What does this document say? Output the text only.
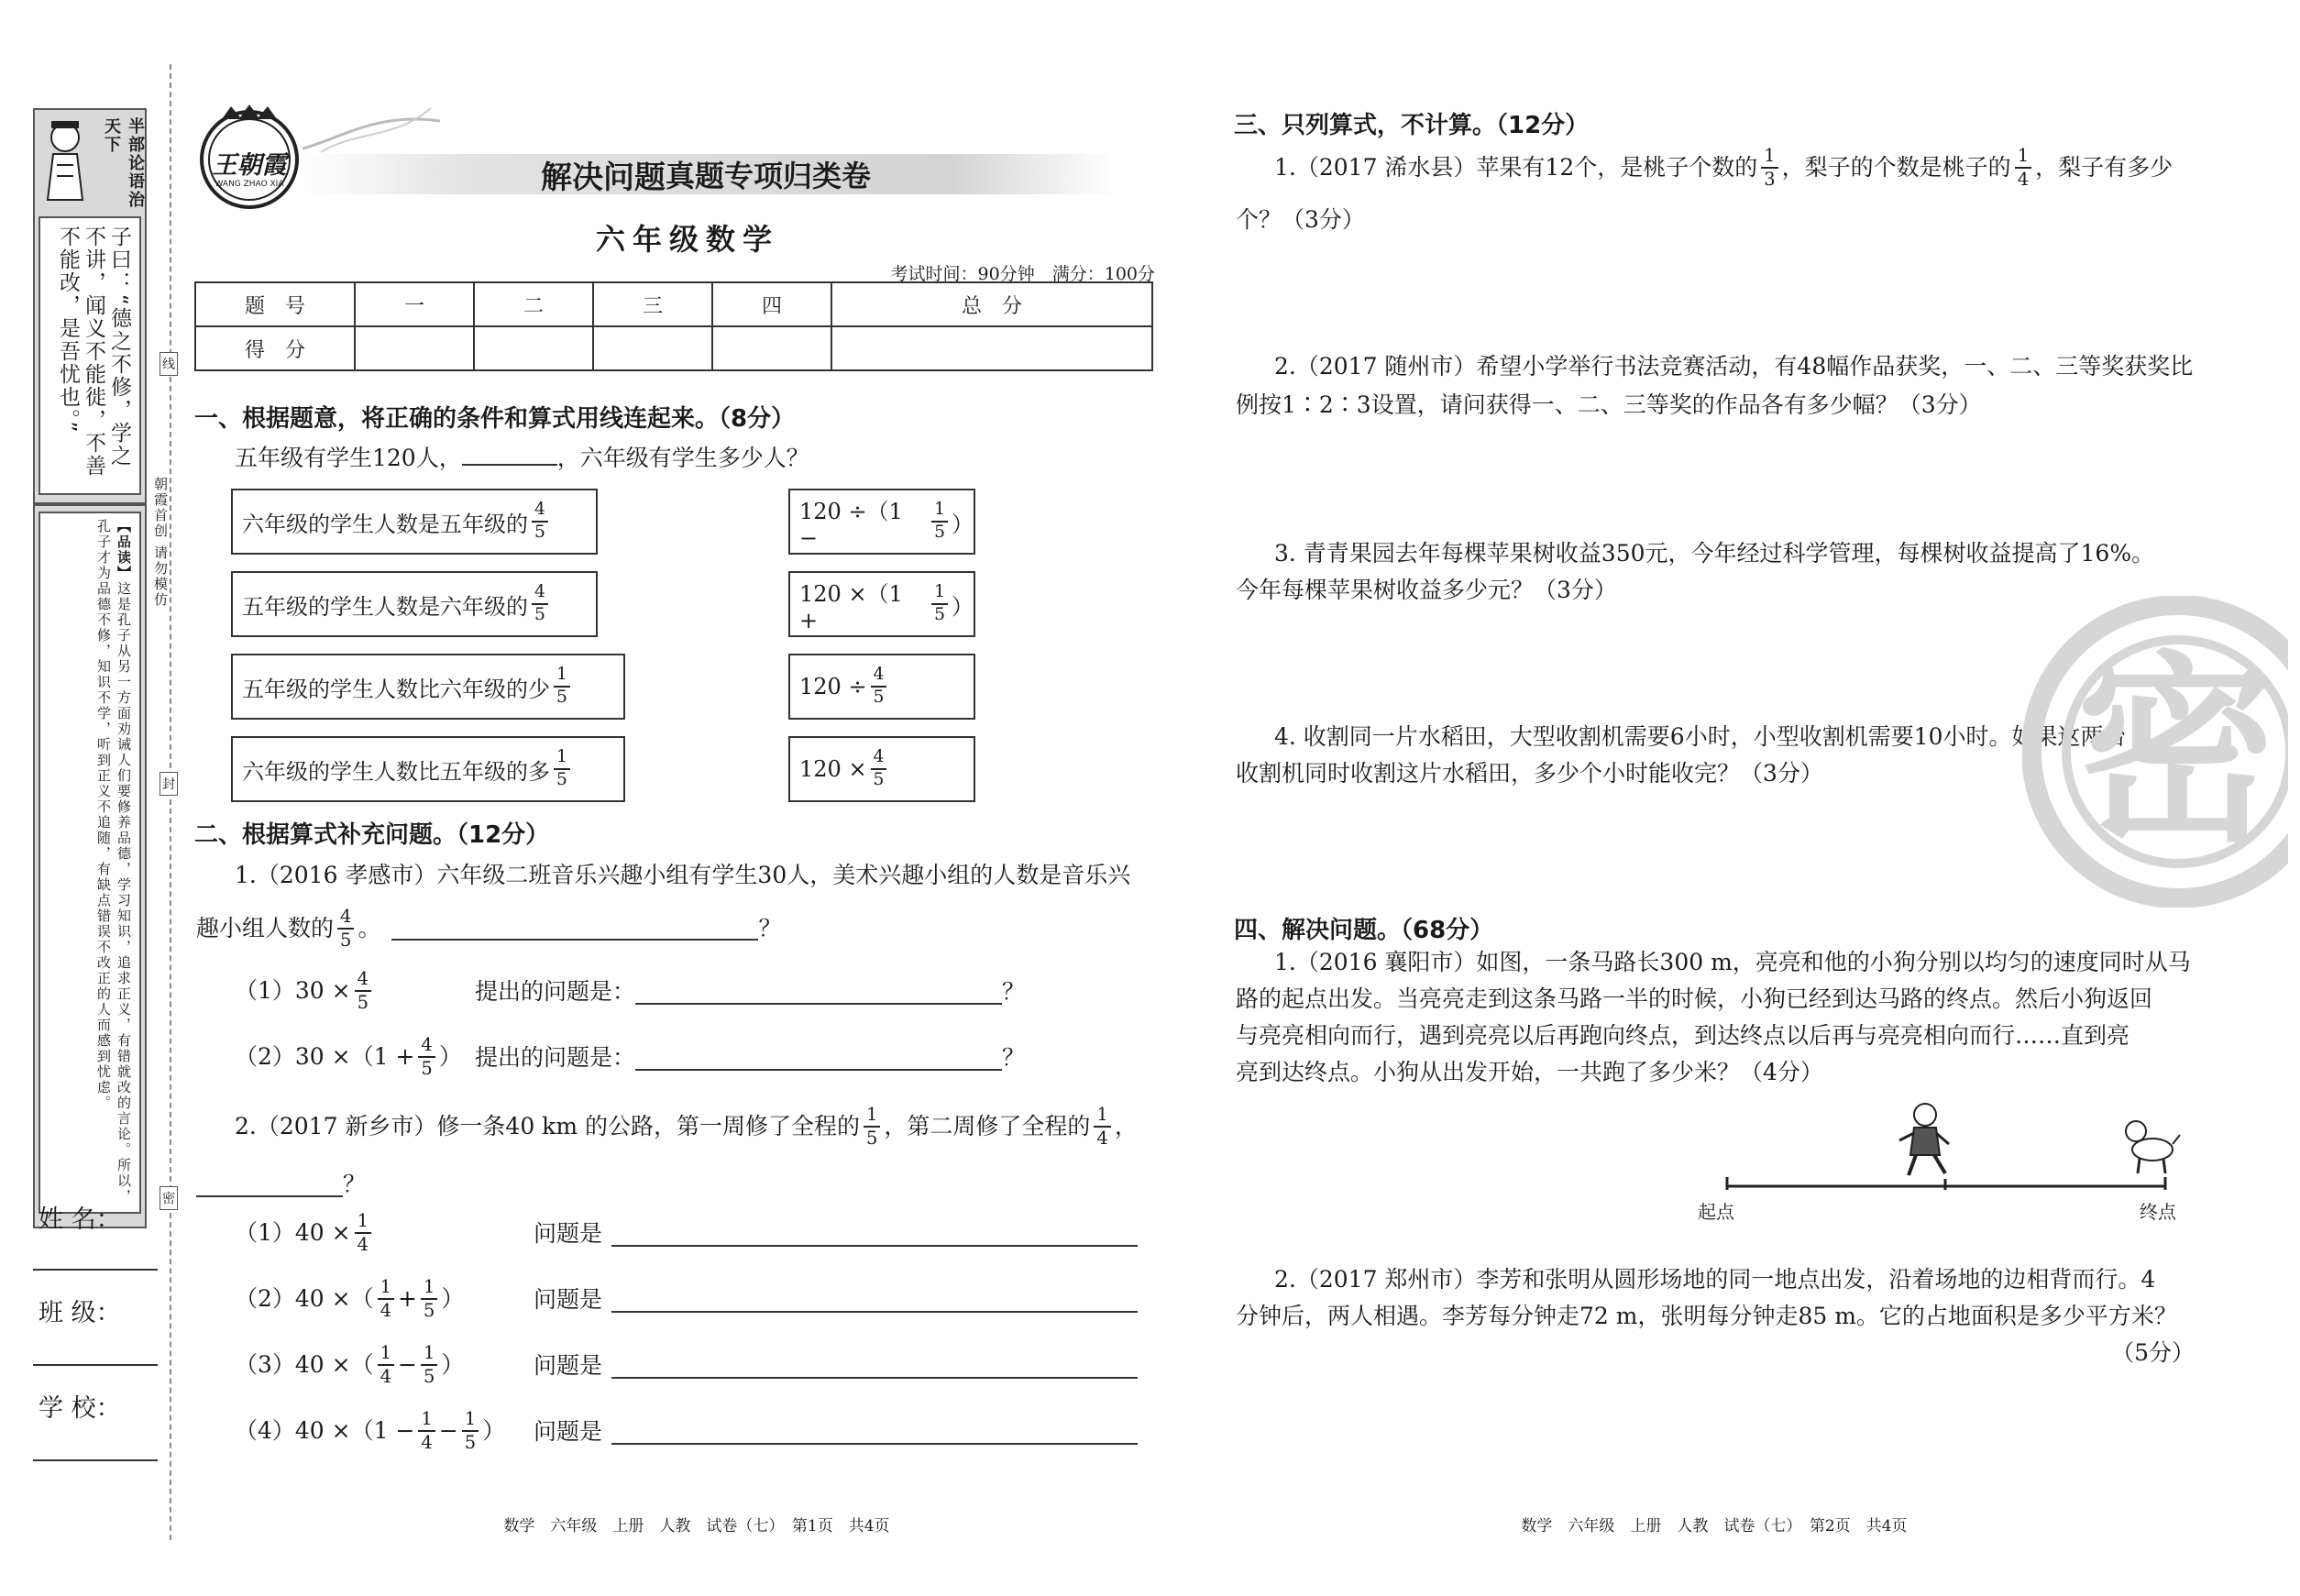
半部论语治天下
子曰：“德之不修，学之不讲，闻义不能徙，不善不能改，是吾忧也。”
【品读】这是孔子从另一方面劝诫人们要修养品德，学习知识，追求正义，有错就改的言论。所以，孔子才为品德不修，知识不学，听到正义不追随，有缺点错误不改正的人而感到忧虑。
线
封
密
朝霞首创 请勿模仿
姓 名：
班 级：
学 校：
王朝霞
WANG ZHAO XIA	解决问题 真题专项归类卷
六年级数学
考试时间：90分钟　满分：100分
题　号	一	二	三	四	总　分
得　分					
一、根据题意，将正确的条件和算式用线连起来。（8分）
五年级有学生120人，	，六年级有学生多少人？
六年级的学生人数是五年级的 $\frac{4}{5}$
五年级的学生人数是六年级的 $\frac{4}{5}$
五年级的学生人数比六年级的少 $\frac{1}{5}$
六年级的学生人数比五年级的多 $\frac{1}{5}$
120 ÷（1 −	$\frac{1}{5}$ ）
120 ×（1 +	$\frac{1}{5}$ ）
$120 \div \frac{4}{5}$
$120 \times \frac{4}{5}$
二、根据算式补充问题。（12分）
1.（2016 孝感市）六年级二班音乐兴趣小组有学生30人，美术兴趣小组的人数是音乐兴
趣小组人数的 $\frac{4}{5}$ 。	？
$(1)30 \times \frac{4}{5}$	提出的问题是：	？
$(2)30 \times(1 + \frac{4}{5}$ ） 提出的问题是：	？
2.（2017 新乡市）修一条40 km 的公路，第一周修了全程的 $\frac{1}{5}$ ，第二周修了全程的 $\frac{1}{4}$ ，
？
$(1)40 \times \frac{1}{4}$	问题是
（2）40 ×（ $\frac{1}{4} + \frac{1}{5}$ ）	问题是
（3）40 ×（ $\frac{1}{4} - \frac{1}{5}$ ）	问题是
$(4)40 \times(1 - \frac{1}{4} - \frac{1}{5}$ ） 问题是
数学　六年级　上册　人教　试卷（七）　第1页　共4页
三、只列算式，不计算。（12分）
1.（2017 浠水县）苹果有12个，是桃子个数的 $\frac{1}{3}$ ，梨子的个数是桃子的 $\frac{1}{4}$ ，梨子有多少
个？（3分）
2.（2017 随州市）希望小学举行书法竞赛活动，有48幅作品获奖，一、二、三等奖获奖比
例按1∶2∶3设置，请问获得一、二、三等奖的作品各有多少幅？（3分）
3. 青青果园去年每棵苹果树收益350元，今年经过科学管理，每棵树收益提高了16%。
今年每棵苹果树收益多少元？（3分）
4. 收割同一片水稻田，大型收割机需要6小时，小型收割机需要10小时。如果这两台
收割机同时收割这片水稻田，多少个小时能收完？（3分） 密
四、解决问题。（68分）
1.（2016 襄阳市）如图，一条马路长300 m，亮亮和他的小狗分别以均匀的速度同时从马
路的起点出发。当亮亮走到这条马路一半的时候，小狗已经到达马路的终点。然后小狗返回
与亮亮相向而行，遇到亮亮以后再跑向终点，到达终点以后再与亮亮相向而行……直到亮
亮到达终点。小狗从出发开始，一共跑了多少米？（4分）
起点	终点
2.（2017 郑州市）李芳和张明从圆形场地的同一地点出发，沿着场地的边相背而行。4
分钟后，两人相遇。李芳每分钟走72 m，张明每分钟走85 m。它的占地面积是多少平方米？
（5分）
数学　六年级　上册　人教　试卷（七）　第2页　共4页
